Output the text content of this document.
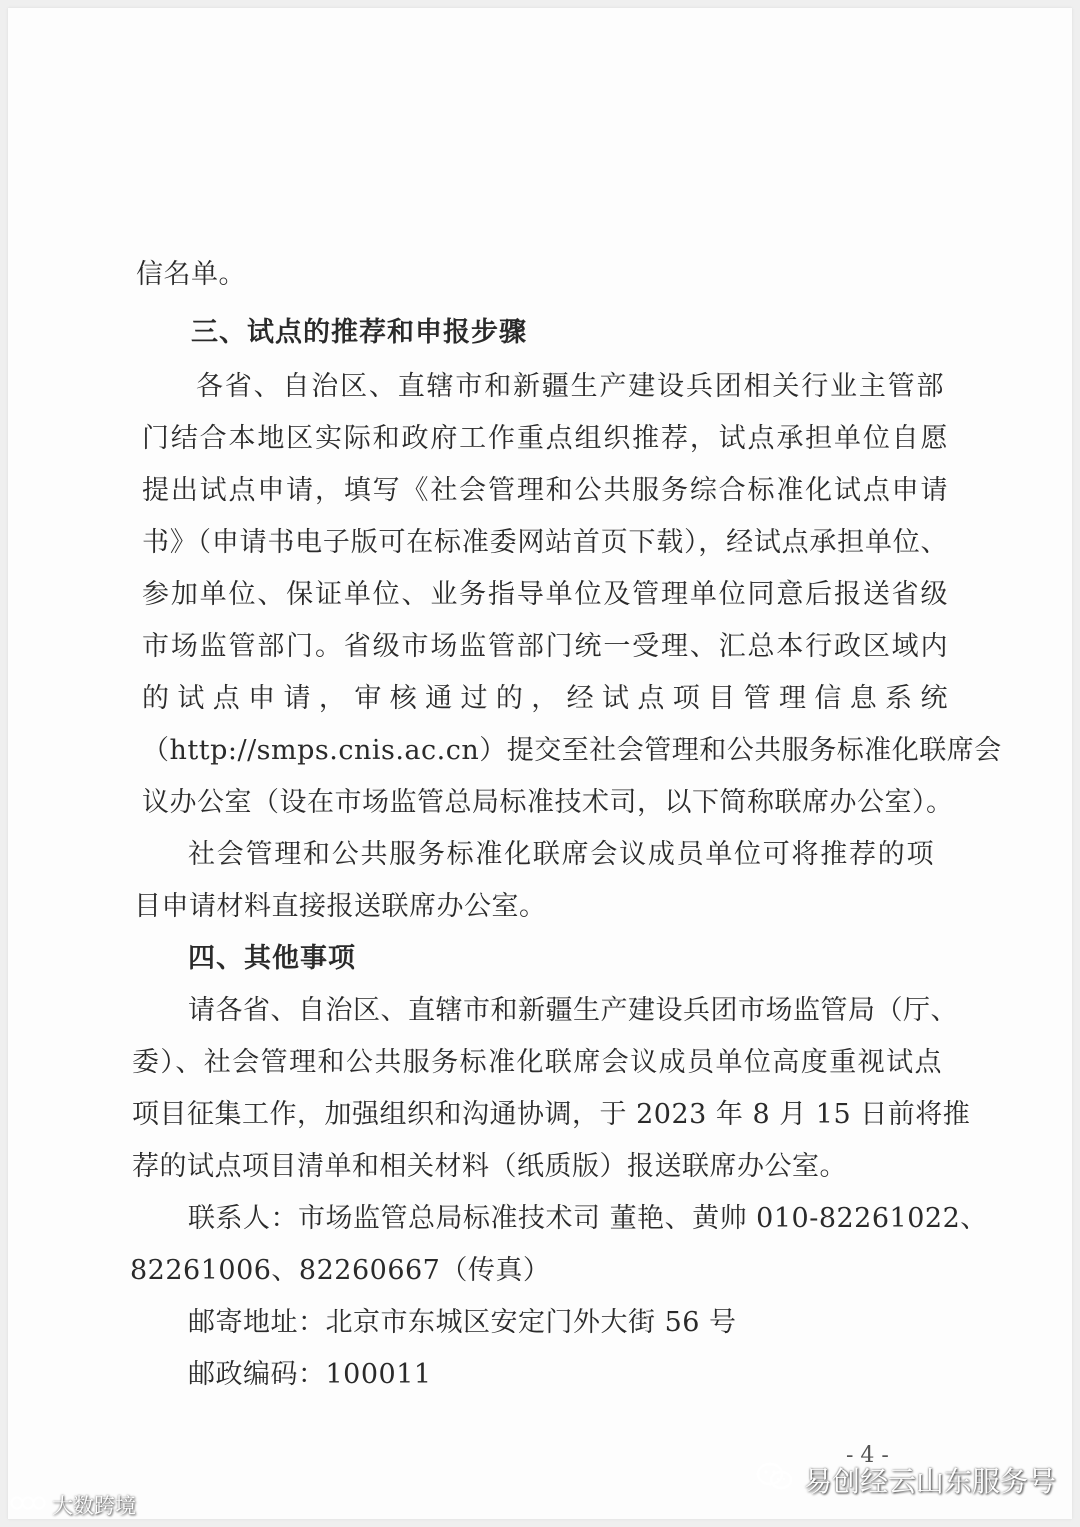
信名单。
三、试点的推荐和申报步骤
各省、自治区、直辖市和新疆生产建设兵团相关行业主管部
门结合本地区实际和政府工作重点组织推荐，试点承担单位自愿
提出试点申请，填写《社会管理和公共服务综合标准化试点申请
书》（申请书电子版可在标准委网站首页下载），经试点承担单位、
参加单位、保证单位、业务指导单位及管理单位同意后报送省级
市场监管部门。省级市场监管部门统一受理、汇总本行政区域内
的试点申请，审核通过的，经试点项目管理信息系统
（http://smps.cnis.ac.cn）提交至社会管理和公共服务标准化联席会
议办公室（设在市场监管总局标准技术司，以下简称联席办公室）。
社会管理和公共服务标准化联席会议成员单位可将推荐的项
目申请材料直接报送联席办公室。
四、其他事项
请各省、自治区、直辖市和新疆生产建设兵团市场监管局（厅、
委）、社会管理和公共服务标准化联席会议成员单位高度重视试点
项目征集工作，加强组织和沟通协调，于 2023 年 8 月 15 日前将推
荐的试点项目清单和相关材料（纸质版）报送联席办公室。
联系人：市场监管总局标准技术司 董艳、黄帅 010-82261022、
82261006、82260667（传真）
邮寄地址：北京市东城区安定门外大街 56 号
邮政编码：100011
- 4 -
易创经云山东服务号
大数跨境
